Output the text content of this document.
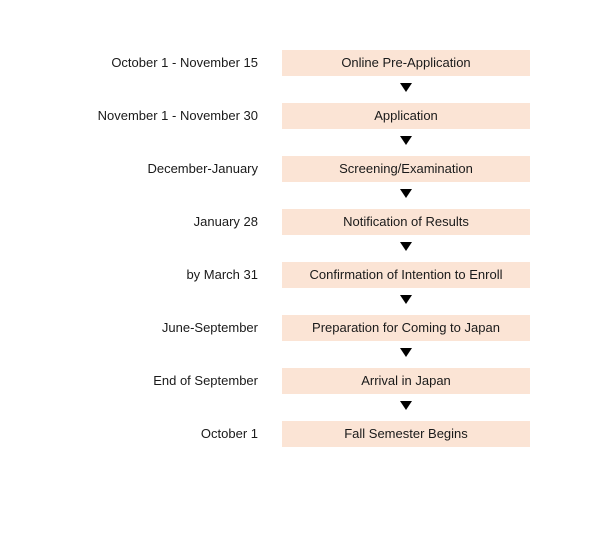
October 1 - November 15	Online Pre-Application
November 1 - November 30	Application
December-January	Screening/Examination
January 28	Notification of Results
by March 31	Confirmation of Intention to Enroll
June-September	Preparation for Coming to Japan
End of September	Arrival in Japan
October 1	Fall Semester Begins
